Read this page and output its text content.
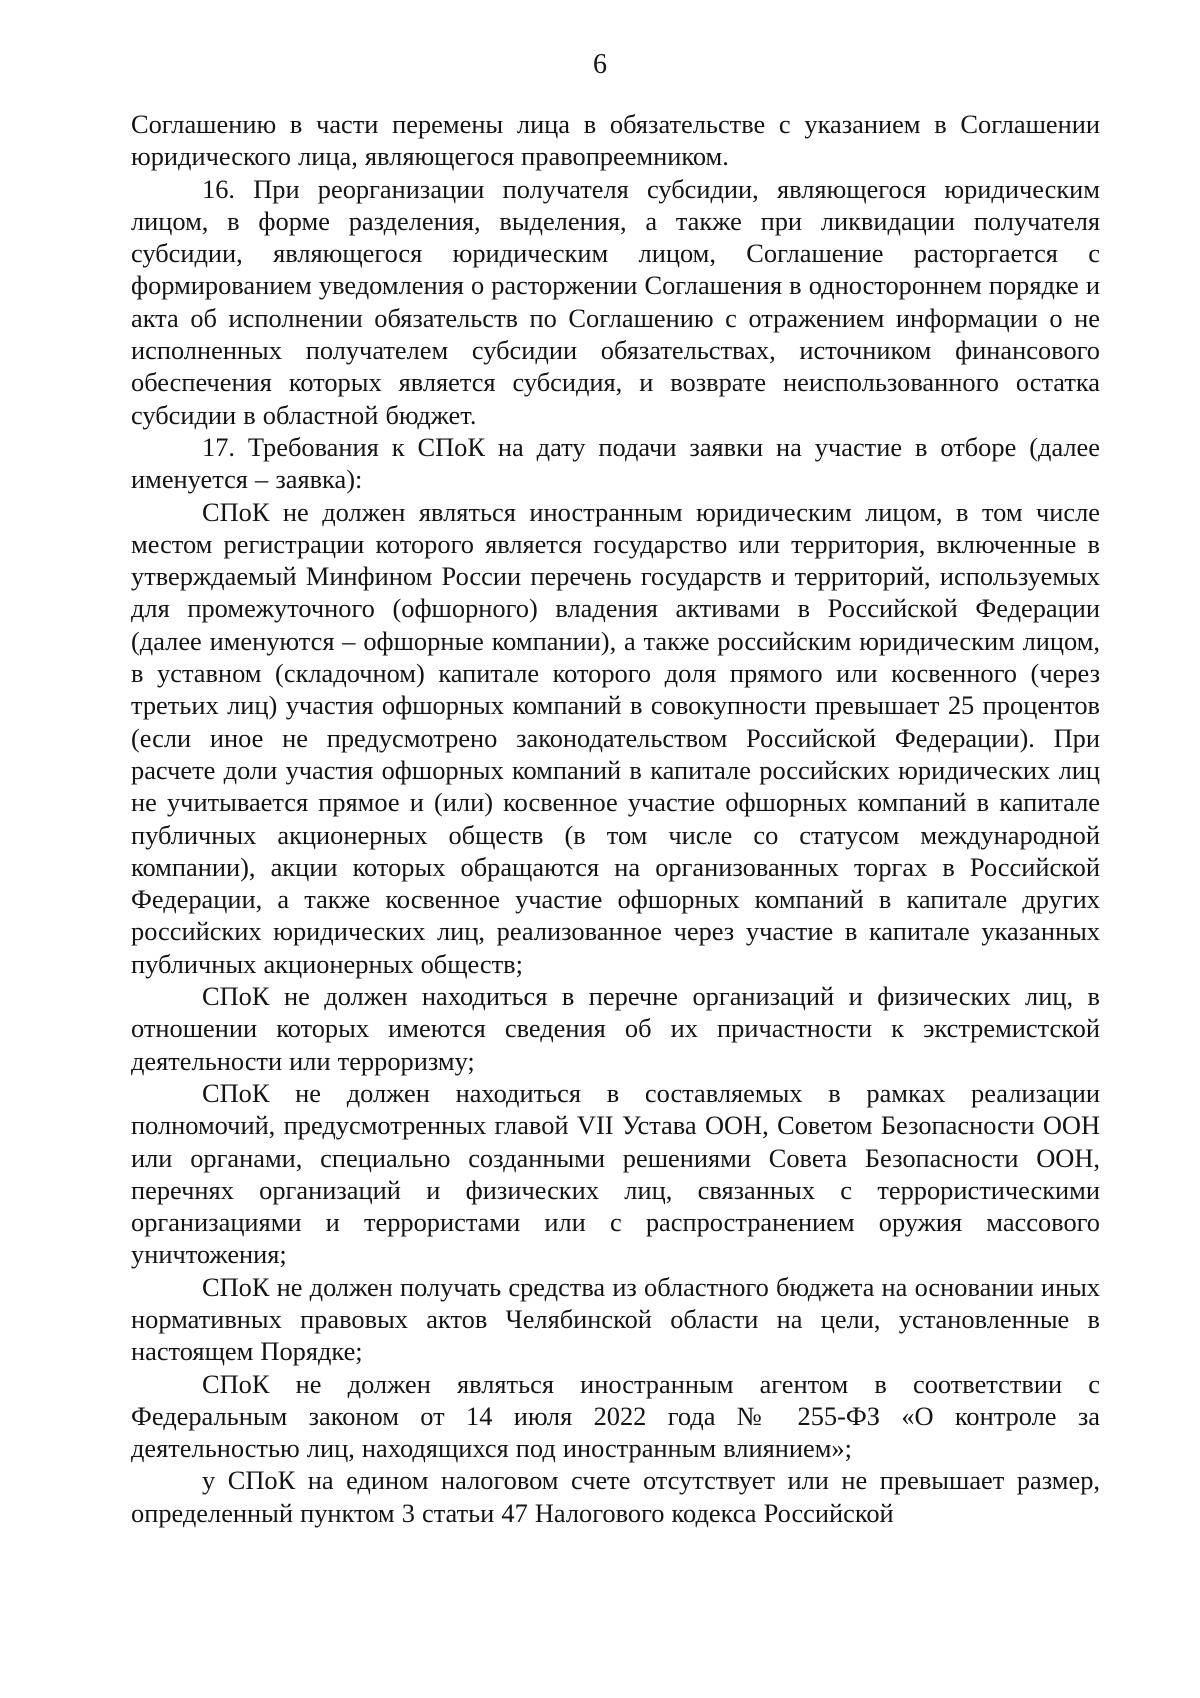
6

Соглашению в части перемены лица в обязательстве с указанием в Соглашении юридического лица, являющегося правопреемником.

16. При реорганизации получателя субсидии, являющегося юридическим лицом, в форме разделения, выделения, а также при ликвидации получателя субсидии, являющегося юридическим лицом, Соглашение расторгается с формированием уведомления о расторжении Соглашения в одностороннем порядке и акта об исполнении обязательств по Соглашению с отражением информации о не исполненных получателем субсидии обязательствах, источником финансового обеспечения которых является субсидия, и возврате неиспользованного остатка субсидии в областной бюджет.

17. Требования к СПоК на дату подачи заявки на участие в отборе (далее именуется – заявка):

СПоК не должен являться иностранным юридическим лицом, в том числе местом регистрации которого является государство или территория, включенные в утверждаемый Минфином России перечень государств и территорий, используемых для промежуточного (офшорного) владения активами в Российской Федерации (далее именуются – офшорные компании), а также российским юридическим лицом, в уставном (складочном) капитале которого доля прямого или косвенного (через третьих лиц) участия офшорных компаний в совокупности превышает 25 процентов (если иное не предусмотрено законодательством Российской Федерации). При расчете доли участия офшорных компаний в капитале российских юридических лиц не учитывается прямое и (или) косвенное участие офшорных компаний в капитале публичных акционерных обществ (в том числе со статусом международной компании), акции которых обращаются на организованных торгах в Российской Федерации, а также косвенное участие офшорных компаний в капитале других российских юридических лиц, реализованное через участие в капитале указанных публичных акционерных обществ;

СПоК не должен находиться в перечне организаций и физических лиц, в отношении которых имеются сведения об их причастности к экстремистской деятельности или терроризму;

СПоК не должен находиться в составляемых в рамках реализации полномочий, предусмотренных главой VII Устава ООН, Советом Безопасности ООН или органами, специально созданными решениями Совета Безопасности ООН, перечнях организаций и физических лиц, связанных с террористическими организациями и террористами или с распространением оружия массового уничтожения;

СПоК не должен получать средства из областного бюджета на основании иных нормативных правовых актов Челябинской области на цели, установленные в настоящем Порядке;

СПоК не должен являться иностранным агентом в соответствии с Федеральным законом от 14 июля 2022 года № 255-ФЗ «О контроле за деятельностью лиц, находящихся под иностранным влиянием»;

у СПоК на едином налоговом счете отсутствует или не превышает размер, определенный пунктом 3 статьи 47 Налогового кодекса Российской
